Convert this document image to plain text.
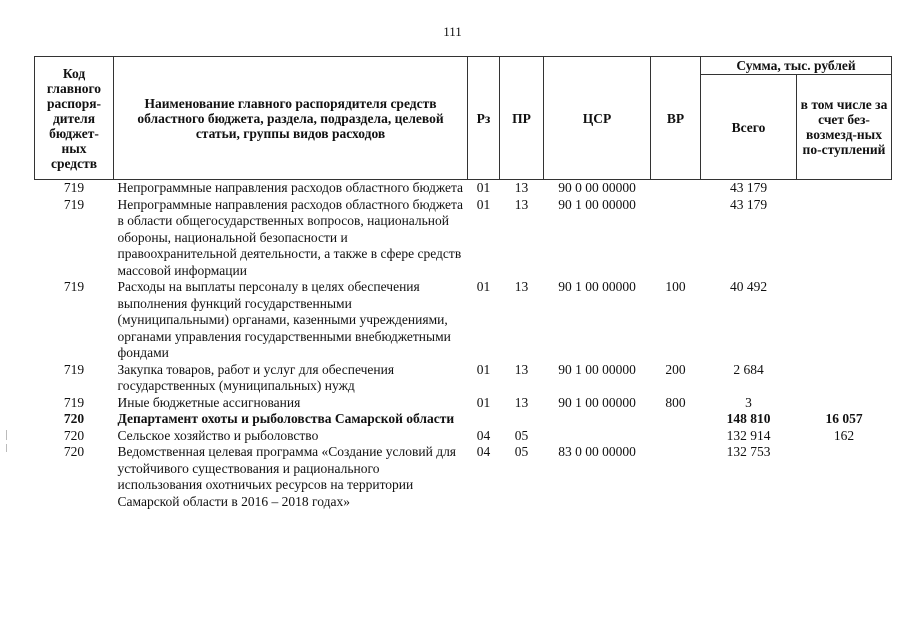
111
Код главного распоря-дителя бюджет-ных средств	Наименование главного распорядителя средств областного бюджета, раздела, подраздела, целевой статьи, группы видов расходов	Рз	ПР	ЦСР	ВР	Сумма, тыс. рублей	
						Всего	в том числе за счет без-возмезд-ных по-ступлений
719	Непрограммные направления расходов областного бюджета	01	13	90 0 00 00000		43 179	
719	Непрограммные направления расходов областного бюджета в области общегосударственных вопросов, национальной обороны, национальной безопасности и правоохранительной деятельности, а также в сфере средств массовой информации	01	13	90 1 00 00000		43 179	
719	Расходы на выплаты персоналу в целях обеспечения выполнения функций государственными (муниципальными) органами, казенными учреждениями, органами управления государственными внебюджетными фондами	01	13	90 1 00 00000	100	40 492	
719	Закупка товаров, работ и услуг для обеспечения государственных (муниципальных) нужд	01	13	90 1 00 00000	200	2 684	
719	Иные бюджетные ассигнования	01	13	90 1 00 00000	800	3	
720	Департамент охоты и рыболовства Самарской области					148 810	16 057
720	Сельское хозяйство и рыболовство	04	05			132 914	162
720	Ведомственная целевая программа «Создание условий для устойчивого существования и рационального использования охотничьих ресурсов на территории Самарской области в 2016 – 2018 годах»	04	05	83 0 00 00000		132 753	
